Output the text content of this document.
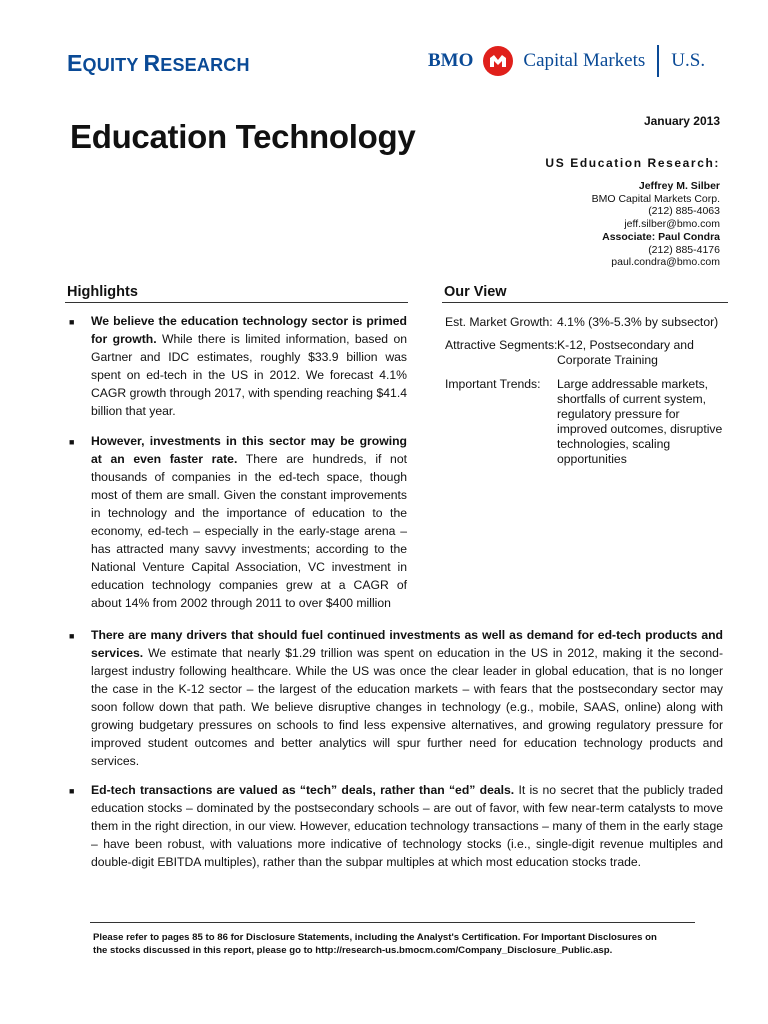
EQUITY RESEARCH	BMO	Capital Markets U.S.
January 2013
Education Technology
US Education Research:
Jeffrey M. Silber
BMO Capital Markets Corp.
(212) 885-4063
jeff.silber@bmo.com
Associate: Paul Condra
(212) 885-4176
paul.condra@bmo.com
Highlights	Our View
■ We believe the education technology sector is primed for growth. While there is limited information, based on Gartner and IDC estimates, roughly $33.9 billion was spent on ed-tech in the US in 2012. We forecast 4.1% CAGR growth through 2017, with spending reaching $41.4 billion that year.
■ However, investments in this sector may be growing at an even faster rate. There are hundreds, if not thousands of companies in the ed-tech space, though most of them are small. Given the constant improvements in technology and the importance of education to the economy, ed-tech – especially in the early-stage arena – has attracted many savvy investments; according to the National Venture Capital Association, VC investment in education technology companies grew at a CAGR of about 14% from 2002 through 2011 to over $400 million
Est. Market Growth: 4.1% (3%-5.3% by subsector)
Attractive Segments: K-12, Postsecondary and Corporate Training
Important Trends: Large addressable markets, shortfalls of current system, regulatory pressure for improved outcomes, disruptive technologies, scaling opportunities
■ There are many drivers that should fuel continued investments as well as demand for ed-tech products and services. We estimate that nearly $1.29 trillion was spent on education in the US in 2012, making it the second-largest industry following healthcare. While the US was once the clear leader in global education, that is no longer the case in the K-12 sector – the largest of the education markets – with fears that the postsecondary sector may soon follow down that path. We believe disruptive changes in technology (e.g., mobile, SAAS, online) along with growing budgetary pressures on schools to find less expensive alternatives, and growing regulatory pressure for improved student outcomes and better analytics will spur further need for education technology products and services.
■ Ed-tech transactions are valued as “tech” deals, rather than “ed” deals. It is no secret that the publicly traded education stocks – dominated by the postsecondary schools – are out of favor, with few near-term catalysts to move them in the right direction, in our view. However, education technology transactions – many of them in the early stage – have been robust, with valuations more indicative of technology stocks (i.e., single-digit revenue multiples and double-digit EBITDA multiples), rather than the subpar multiples at which most education stocks trade.
Please refer to pages 85 to 86 for Disclosure Statements, including the Analyst's Certification. For Important Disclosures on
the stocks discussed in this report, please go to http://research-us.bmocm.com/Company_Disclosure_Public.asp.
